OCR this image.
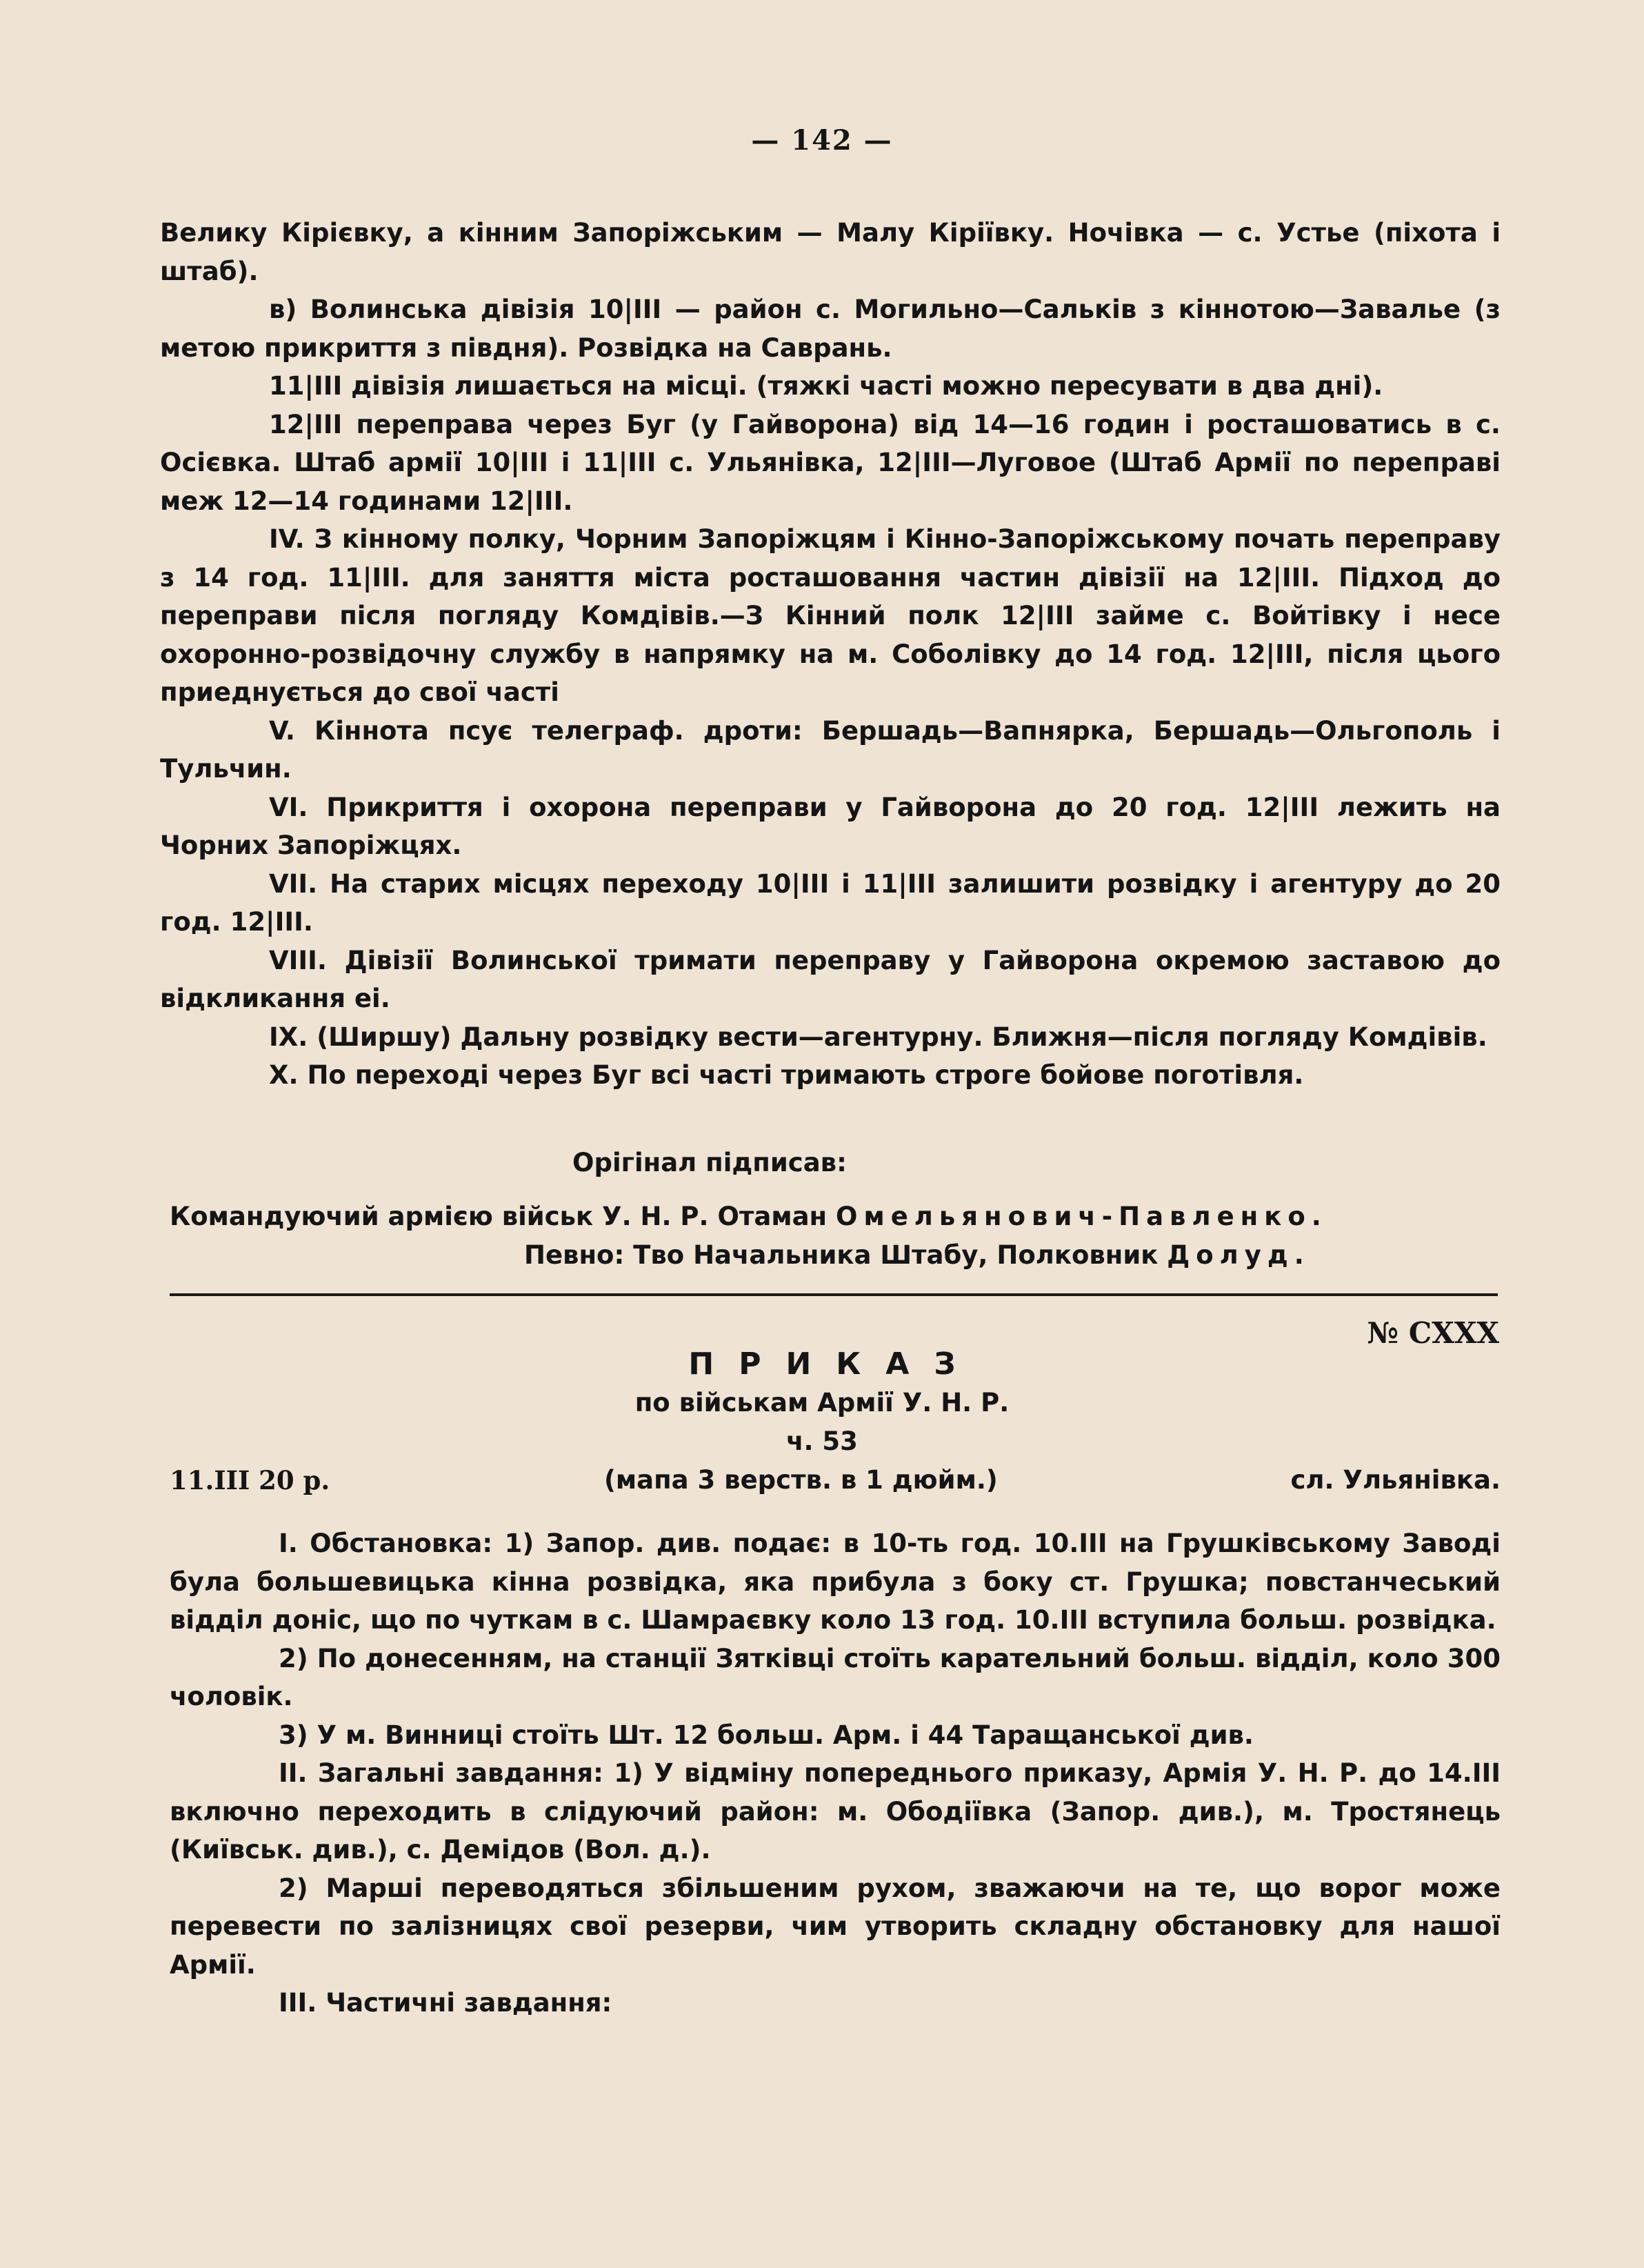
— 142 —

Велику Кірієвку, а кінним Запоріжським — Малу Кіріївку. Ночівка — с. Устье (піхота і штаб).

в) Волинська дівізія 10|III — район с. Могильно—Сальків з кіннотою—Завалье (з метою прикриття з півдня). Розвідка на Саврань.

11|III дівізія лишається на місці. (тяжкі часті можно пересувати в два дні).

12|III переправа через Буг (у Гайворона) від 14—16 годин і росташоватись в с. Осієвка. Штаб армії 10|III і 11|III с. Ульянівка, 12|III—Луговое (Штаб Армії по переправі меж 12—14 годинами 12|III.

IV. З кінному полку, Чорним Запоріжцям і Кінно-Запоріжському почать переправу з 14 год. 11|III. для заняття міста росташовання частин дівізії на 12|III. Підход до переправи після погляду Комдівів.—З Кінний полк 12|III займе с. Войтівку і несе охоронно-розвідочну службу в напрямку на м. Соболівку до 14 год. 12|III, після цього приеднується до свої часті

V. Кіннота псує телеграф. дроти: Бершадь—Вапнярка, Бершадь—Ольгополь і Тульчин.

VI. Прикриття і охорона переправи у Гайворона до 20 год. 12|III лежить на Чорних Запоріжцях.

VII. На старих місцях переходу 10|III і 11|III залишити розвідку і агентуру до 20 год. 12|III.

VIII. Дівізії Волинської тримати переправу у Гайворона окремою заставою до відкликання ei.

IX. (Ширшу) Дальну розвідку вести—агентурну. Ближня—після погляду Комдівів.

X. По переході через Буг всі часті тримають строге бойове поготівля.

Орігінал підписав:
Командуючий армією військ У. Н. Р. Отаман Омельянович-Павленко.
Певно: Тво Начальника Штабу, Полковник Долуд.
№ CXXX
ПРИКАЗ
по військам Армії У. Н. Р.
ч. 53
11.III 20 р.	(мапа 3 верств. в 1 дюйм.)	сл. Ульянівка.

I. Обстановка: 1) Запор. див. подає: в 10-ть год. 10.III на Грушківському Заводі була большевицька кінна розвідка, яка прибула з боку ст. Грушка; повстанчеський відділ доніс, що по чуткам в с. Шамраєвку коло 13 год. 10.III вступила больш. розвідка.

2) По донесенням, на станції Зятківці стоїть карательний больш. відділ, коло 300 чоловік.

3) У м. Винниці стоїть Шт. 12 больш. Арм. і 44 Таращанської див.

II. Загальні завдання: 1) У відміну попереднього приказу, Армія У. Н. Р. до 14.III включно переходить в слідуючий район: м. Ободіївка (Запор. див.), м. Тростянець (Київськ. див.), с. Демідов (Вол. д.).

2) Марші переводяться збільшеним рухом, зважаючи на те, що ворог може перевести по залізницях свої резерви, чим утворить складну обстановку для нашої Армії.

III. Частичні завдання:
